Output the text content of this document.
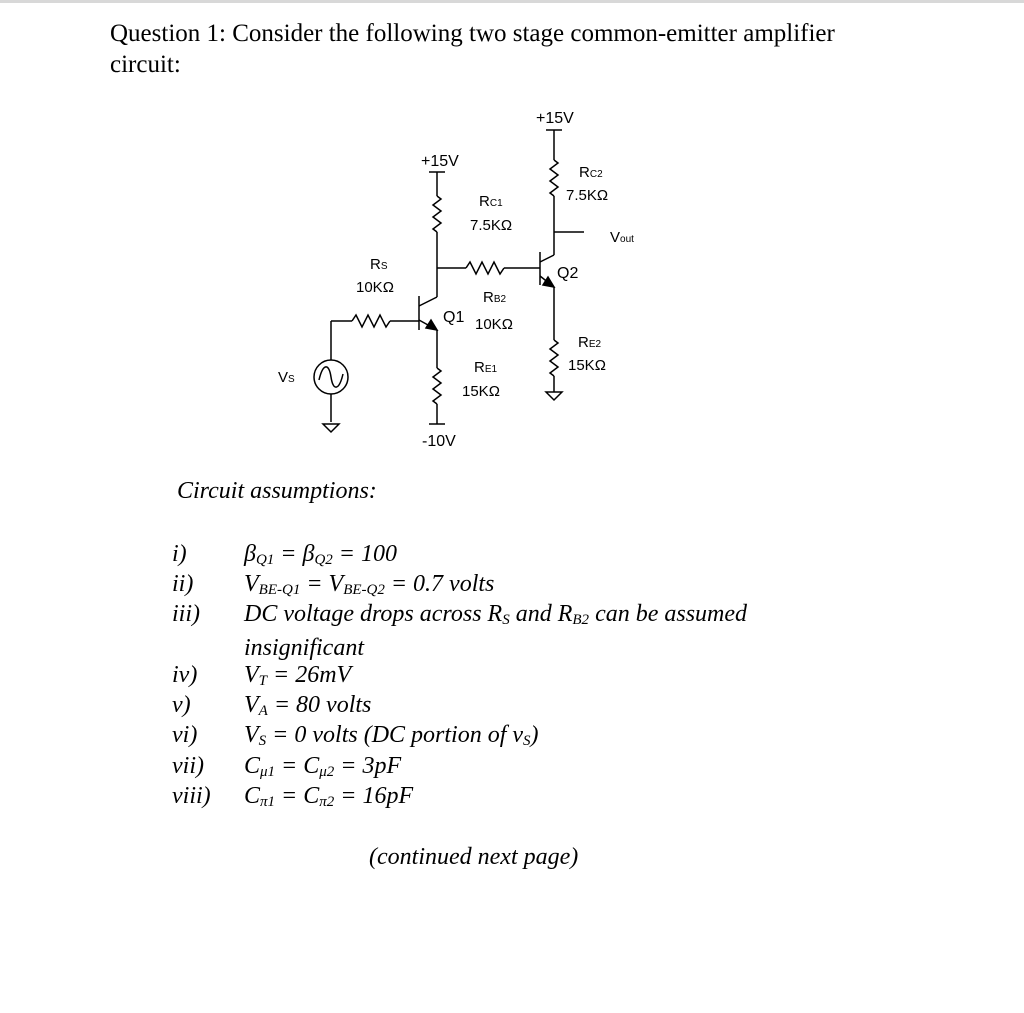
Question 1: Consider the following two stage common-emitter amplifier
circuit:
+15V
+15V
-10V
RC1
7.5KΩ
RC2
7.5KΩ
Vout
RS
10KΩ
RB2
10KΩ
Q1
Q2
RE1
15KΩ
RE2
15KΩ
VS
Circuit assumptions:
i) $\beta_{Q1} = \beta_{Q2} = 100$
ii) $V_{BE-Q1} = V_{BE-Q2} = 0.7$ volts
iii) DC voltage drops across $R_S$ and $R_{B2}$ can be assumed insignificant
iv) $V_T = 26mV$
v) $V_A = 80$ volts
vi) $V_S = 0$ volts (DC portion of $v_S$)
vii) $C_{\mu 1} = C_{\mu 2} = 3pF$
viii) $C_{\pi 1} = C_{\pi 2} = 16pF$
(continued next page)
